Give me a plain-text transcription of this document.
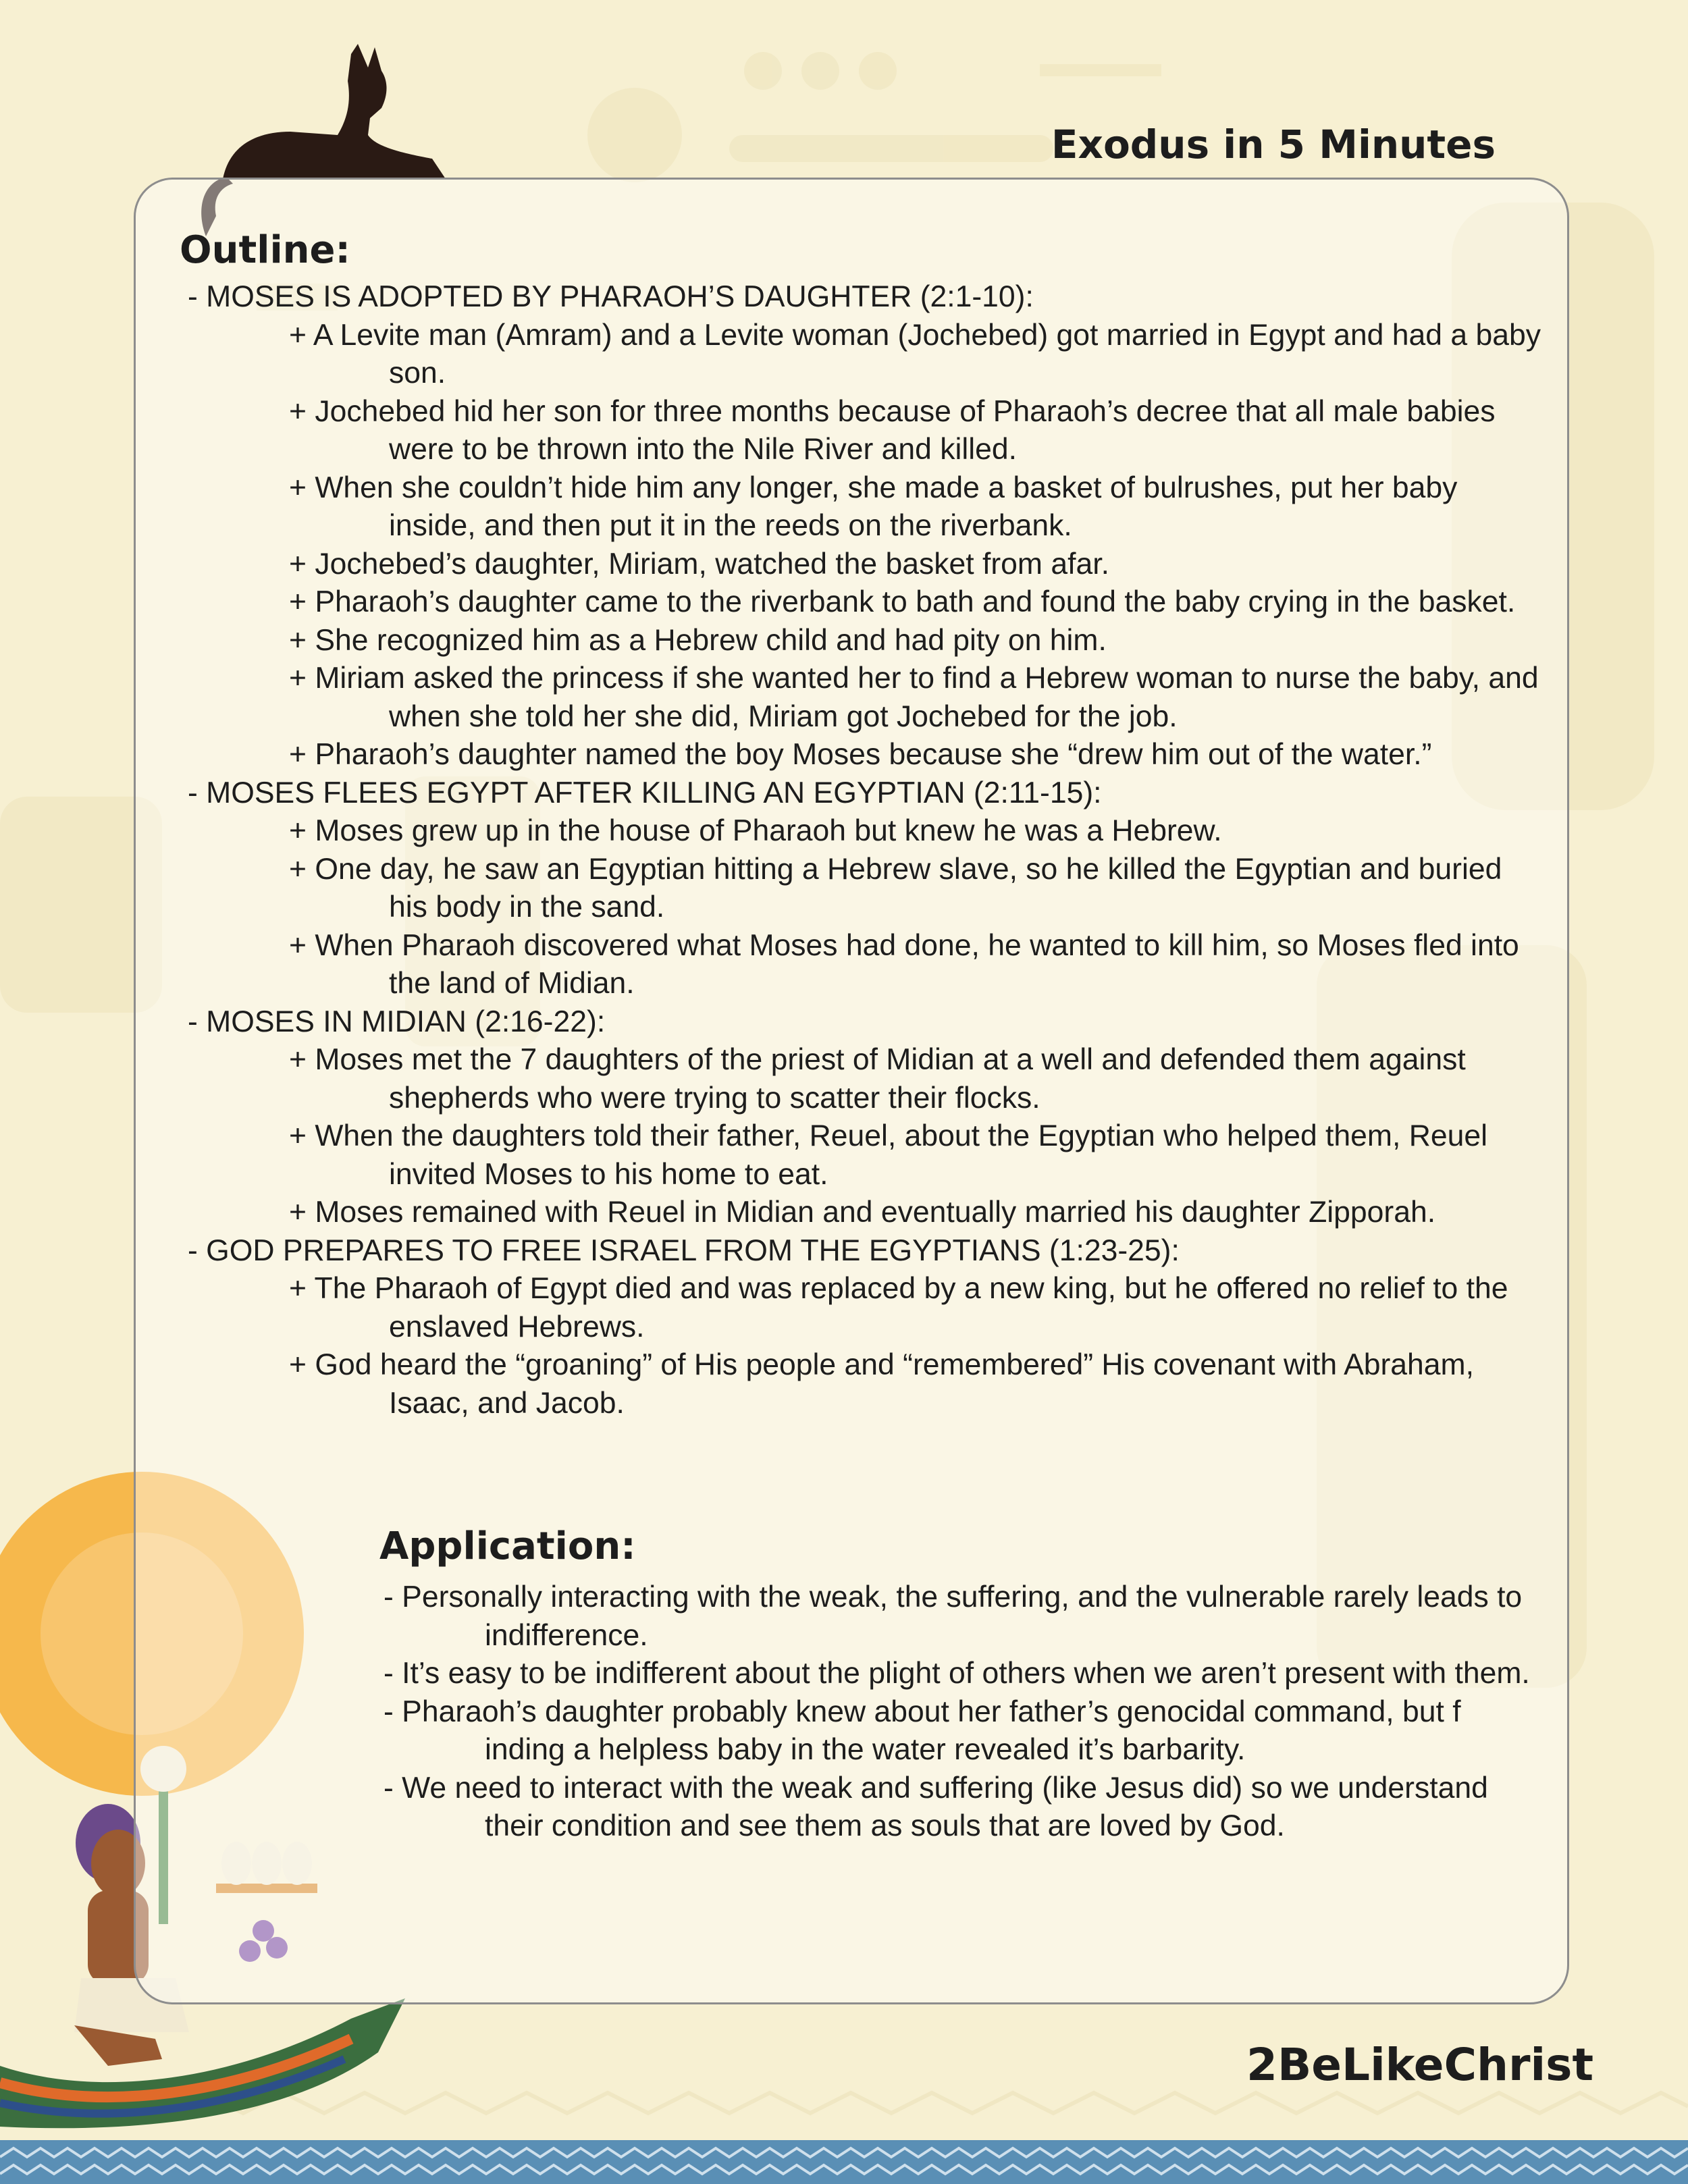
Exodus in 5 Minutes
Outline:

- MOSES IS ADOPTED BY PHARAOH’S DAUGHTER (2:1-10):

+ A Levite man (Amram) and a Levite woman (Jochebed) got married in Egypt and had a baby son.

+ Jochebed hid her son for three months because of Pharaoh’s decree that all male babies were to be thrown into the Nile River and killed.

+ When she couldn’t hide him any longer, she made a basket of bulrushes, put her baby inside, and then put it in the reeds on the riverbank.

+ Jochebed’s daughter, Miriam, watched the basket from afar.

+ Pharaoh’s daughter came to the riverbank to bath and found the baby crying in the basket.

+ She recognized him as a Hebrew child and had pity on him.

+ Miriam asked the princess if she wanted her to find a Hebrew woman to nurse the baby, and when she told her she did, Miriam got Jochebed for the job.

+ Pharaoh’s daughter named the boy Moses because she “drew him out of the water.”

- MOSES FLEES EGYPT AFTER KILLING AN EGYPTIAN (2:11-15):

+ Moses grew up in the house of Pharaoh but knew he was a Hebrew.

+ One day, he saw an Egyptian hitting a Hebrew slave, so he killed the Egyptian and buried his body in the sand.

+ When Pharaoh discovered what Moses had done, he wanted to kill him, so Moses fled into the land of Midian.

- MOSES IN MIDIAN (2:16-22):

+ Moses met the 7 daughters of the priest of Midian at a well and defended them against shepherds who were trying to scatter their flocks.

+ When the daughters told their father, Reuel, about the Egyptian who helped them, Reuel invited Moses to his home to eat.

+ Moses remained with Reuel in Midian and eventually married his daughter Zipporah.

- GOD PREPARES TO FREE ISRAEL FROM THE EGYPTIANS (1:23-25):

+ The Pharaoh of Egypt died and was replaced by a new king, but he offered no relief to the enslaved Hebrews.

+ God heard the “groaning” of His people and “remembered” His covenant with Abraham, Isaac, and Jacob.

Application:

- Personally interacting with the weak, the suffering, and the vulnerable rarely leads to indifference.

- It’s easy to be indifferent about the plight of others when we aren’t present with them.

- Pharaoh’s daughter probably knew about her father’s genocidal command, but f inding a helpless baby in the water revealed it’s barbarity.

- We need to interact with the weak and suffering (like Jesus did) so we understand their condition and see them as souls that are loved by God.

2BeLikeChrist
